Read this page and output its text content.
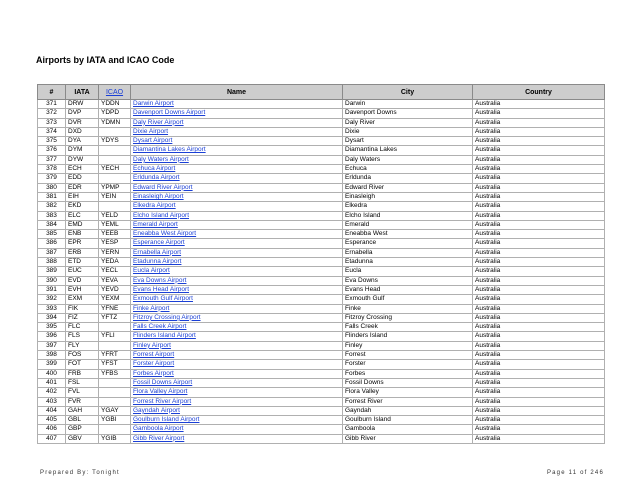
Airports by IATA and ICAO Code
#	IATA	ICAO	Name	City	Country
371	DRW	YDDN	Darwin Airport	Darwin	Australia
372	DVP	YDPD	Davenport Downs Airport	Davenport Downs	Australia
373	DVR	YDMN	Daly River Airport	Daly River	Australia
374	DXD		Dixie Airport	Dixie	Australia
375	DYA	YDYS	Dysart Airport	Dysart	Australia
376	DYM		Diamantina Lakes Airport	Diamantina Lakes	Australia
377	DYW		Daly Waters Airport	Daly Waters	Australia
378	ECH	YECH	Echuca Airport	Echuca	Australia
379	EDD		Erldunda Airport	Erldunda	Australia
380	EDR	YPMP	Edward River Airport	Edward River	Australia
381	EIH	YEIN	Einasleigh Airport	Einasleigh	Australia
382	EKD		Elkedra Airport	Elkedra	Australia
383	ELC	YELD	Elcho Island Airport	Elcho Island	Australia
384	EMD	YEML	Emerald Airport	Emerald	Australia
385	ENB	YEEB	Eneabba West Airport	Eneabba West	Australia
386	EPR	YESP	Esperance Airport	Esperance	Australia
387	ERB	YERN	Ernabella Airport	Ernabella	Australia
388	ETD	YEDA	Etadunna Airport	Etadunna	Australia
389	EUC	YECL	Eucla Airport	Eucla	Australia
390	EVD	YEVA	Eva Downs Airport	Eva Downs	Australia
391	EVH	YEVD	Evans Head Airport	Evans Head	Australia
392	EXM	YEXM	Exmouth Gulf Airport	Exmouth Gulf	Australia
393	FIK	YFNE	Finke Airport	Finke	Australia
394	FIZ	YFTZ	Fitzroy Crossing Airport	Fitzroy Crossing	Australia
395	FLC		Falls Creek Airport	Falls Creek	Australia
396	FLS	YFLI	Flinders Island Airport	Flinders Island	Australia
397	FLY		Finley Airport	Finley	Australia
398	FOS	YFRT	Forrest Airport	Forrest	Australia
399	FOT	YFST	Forster Airport	Forster	Australia
400	FRB	YFBS	Forbes Airport	Forbes	Australia
401	FSL		Fossil Downs Airport	Fossil Downs	Australia
402	FVL		Flora Valley Airport	Flora Valley	Australia
403	FVR		Forrest River Airport	Forrest River	Australia
404	GAH	YGAY	Gayndah Airport	Gayndah	Australia
405	GBL	YGBI	Goulburn Island Airport	Goulburn Island	Australia
406	GBP		Gamboola Airport	Gamboola	Australia
407	GBV	YGIB	Gibb River Airport	Gibb River	Australia
Prepared By: Tonight	Page 11 of 246
